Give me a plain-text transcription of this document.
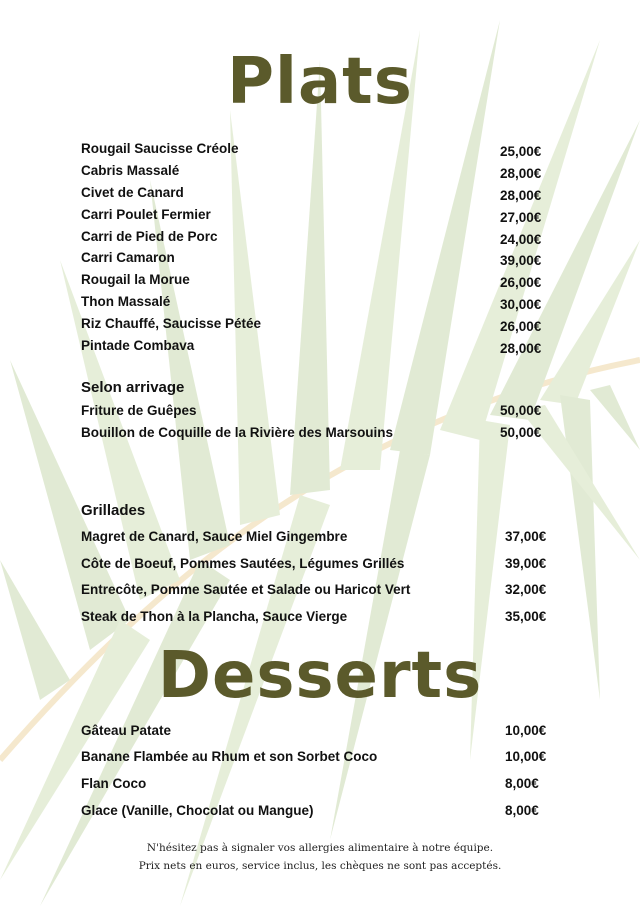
Plats
Rougail Saucisse Créole	25,00€
Cabris Massalé	28,00€
Civet de Canard	28,00€
Carri Poulet Fermier	27,00€
Carri de Pied de Porc	24,00€
Carri Camaron	39,00€
Rougail la Morue	26,00€
Thon Massalé	30,00€
Riz Chauffé, Saucisse Pétée	26,00€
Pintade Combava	28,00€
Selon arrivage
Friture de Guêpes	50,00€
Bouillon de Coquille de la Rivière des Marsouins	50,00€
Grillades
Magret de Canard, Sauce Miel Gingembre	37,00€
Côte de Boeuf, Pommes Sautées, Légumes Grillés	39,00€
Entrecôte, Pomme Sautée et Salade ou Haricot Vert	32,00€
Steak de Thon à la Plancha, Sauce Vierge	35,00€
Desserts
Gâteau Patate	10,00€
Banane Flambée au Rhum et son Sorbet Coco	10,00€
Flan Coco	8,00€
Glace (Vanille, Chocolat ou Mangue)	8,00€
N'hésitez pas à signaler vos allergies alimentaire à notre équipe.
Prix nets en euros, service inclus, les chèques ne sont pas acceptés.
